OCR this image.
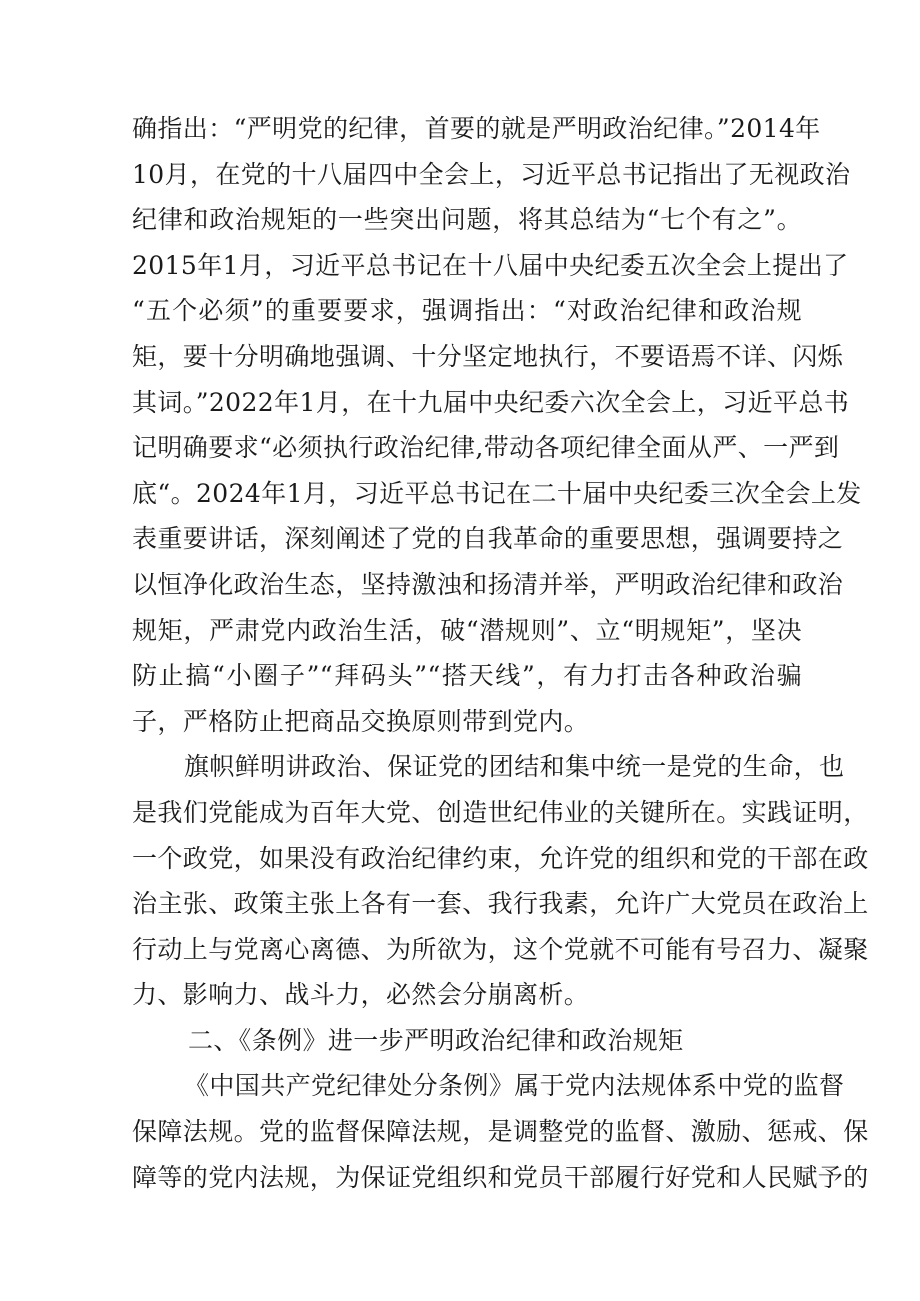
确指出：“严明党的纪律，首要的就是严明政治纪律。”2014年
10月，在党的十八届四中全会上，习近平总书记指出了无视政治
纪律和政治规矩的一些突出问题，将其总结为“七个有之”。
2015年1月，习近平总书记在十八届中央纪委五次全会上提出了
“五个必须”的重要要求，强调指出：“对政治纪律和政治规
矩，要十分明确地强调、十分坚定地执行，不要语焉不详、闪烁
其词。”2022年1月，在十九届中央纪委六次全会上，习近平总书
记明确要求“必须执行政治纪律,带动各项纪律全面从严、一严到
底“。2024年1月，习近平总书记在二十届中央纪委三次全会上发
表重要讲话，深刻阐述了党的自我革命的重要思想，强调要持之
以恒净化政治生态，坚持激浊和扬清并举，严明政治纪律和政治
规矩，严肃党内政治生活，破“潜规则”、立“明规矩”，坚决
防止搞“小圈子”“拜码头”“搭天线”，有力打击各种政治骗
子，严格防止把商品交换原则带到党内。
旗帜鲜明讲政治、保证党的团结和集中统一是党的生命，也
是我们党能成为百年大党、创造世纪伟业的关键所在。实践证明，
一个政党，如果没有政治纪律约束，允许党的组织和党的干部在政
治主张、政策主张上各有一套、我行我素，允许广大党员在政治上
行动上与党离心离德、为所欲为，这个党就不可能有号召力、凝聚
力、影响力、战斗力，必然会分崩离析。
二、《条例》进一步严明政治纪律和政治规矩
《中国共产党纪律处分条例》属于党内法规体系中党的监督
保障法规。党的监督保障法规，是调整党的监督、激励、惩戒、保
障等的党内法规，为保证党组织和党员干部履行好党和人民赋予的
